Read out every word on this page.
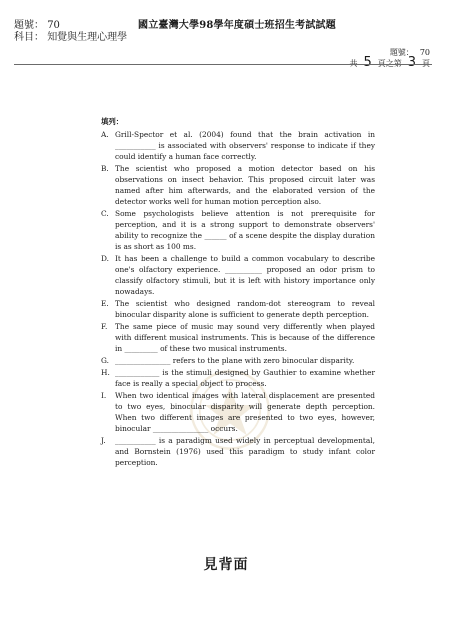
題號： 70
科目： 知覺與生理心理學
國立臺灣大學98學年度碩士班招生考試試題
題號： 70
共 5 頁之第 3 頁
填列：
A. Grill-Spector et al. (2004) found that the brain activation in ___________ is associated with observers' response to indicate if they could identify a human face correctly.
B. The scientist who proposed a motion detector based on his observations on insect behavior. This proposed circuit later was named after him afterwards, and the elaborated version of the detector works well for human motion perception also.
C. Some psychologists believe attention is not prerequisite for perception, and it is a strong support to demonstrate observers' ability to recognize the ______ of a scene despite the display duration is as short as 100 ms.
D. It has been a challenge to build a common vocabulary to describe one's olfactory experience. __________ proposed an odor prism to classify olfactory stimuli, but it is left with history importance only nowadays.
E. The scientist who designed random-dot stereogram to reveal binocular disparity alone is sufficient to generate depth perception.
F.	The same piece of music may sound very differently when played with different musical instruments. This is because of the difference in _________ of these two musical instruments.
G. _______________ refers to the plane with zero binocular disparity.
H. ____________ is the stimuli designed by Gauthier to examine whether face is really a special object to process.
I.	When two identical images with lateral displacement are presented to two eyes, binocular disparity will generate depth perception. When two different images are presented to two eyes, however, binocular _______________ occurs.
J.	___________ is a paradigm used widely in perceptual developmental, and Bornstein (1976) used this paradigm to study infant color perception.
見背面
